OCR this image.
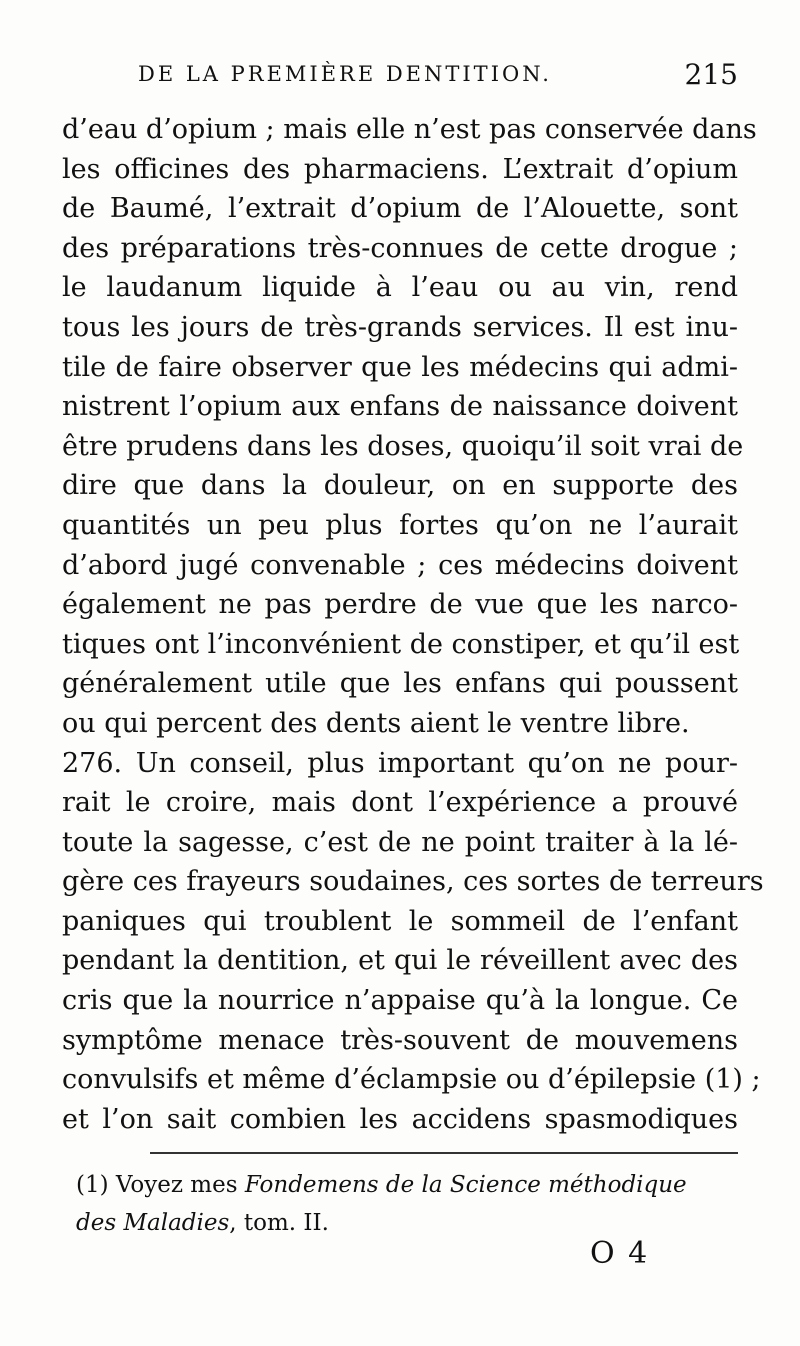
DE LA PREMIÈRE DENTITION.	215
d’eau d’opium ; mais elle n’est pas conservée dans
les officines des pharmaciens. L’extrait d’opium
de Baumé, l’extrait d’opium de l’Alouette, sont
des préparations très-connues de cette drogue ;
le laudanum liquide à l’eau ou au vin, rend
tous les jours de très-grands services. Il est inu-
tile de faire observer que les médecins qui admi-
nistrent l’opium aux enfans de naissance doivent
être prudens dans les doses, quoiqu’il soit vrai de
dire que dans la douleur, on en supporte des
quantités un peu plus fortes qu’on ne l’aurait
d’abord jugé convenable ; ces médecins doivent
également ne pas perdre de vue que les narco-
tiques ont l’inconvénient de constiper, et qu’il est
généralement utile que les enfans qui poussent
ou qui percent des dents aient le ventre libre.
276. Un conseil, plus important qu’on ne pour-
rait le croire, mais dont l’expérience a prouvé
toute la sagesse, c’est de ne point traiter à la lé-
gère ces frayeurs soudaines, ces sortes de terreurs
paniques qui troublent le sommeil de l’enfant
pendant la dentition, et qui le réveillent avec des
cris que la nourrice n’appaise qu’à la longue. Ce
symptôme menace très-souvent de mouvemens
convulsifs et même d’éclampsie ou d’épilepsie (1) ;
et l’on sait combien les accidens spasmodiques
(1) Voyez mes Fondemens de la Science méthodique
des Maladies, tom. II.
O 4
